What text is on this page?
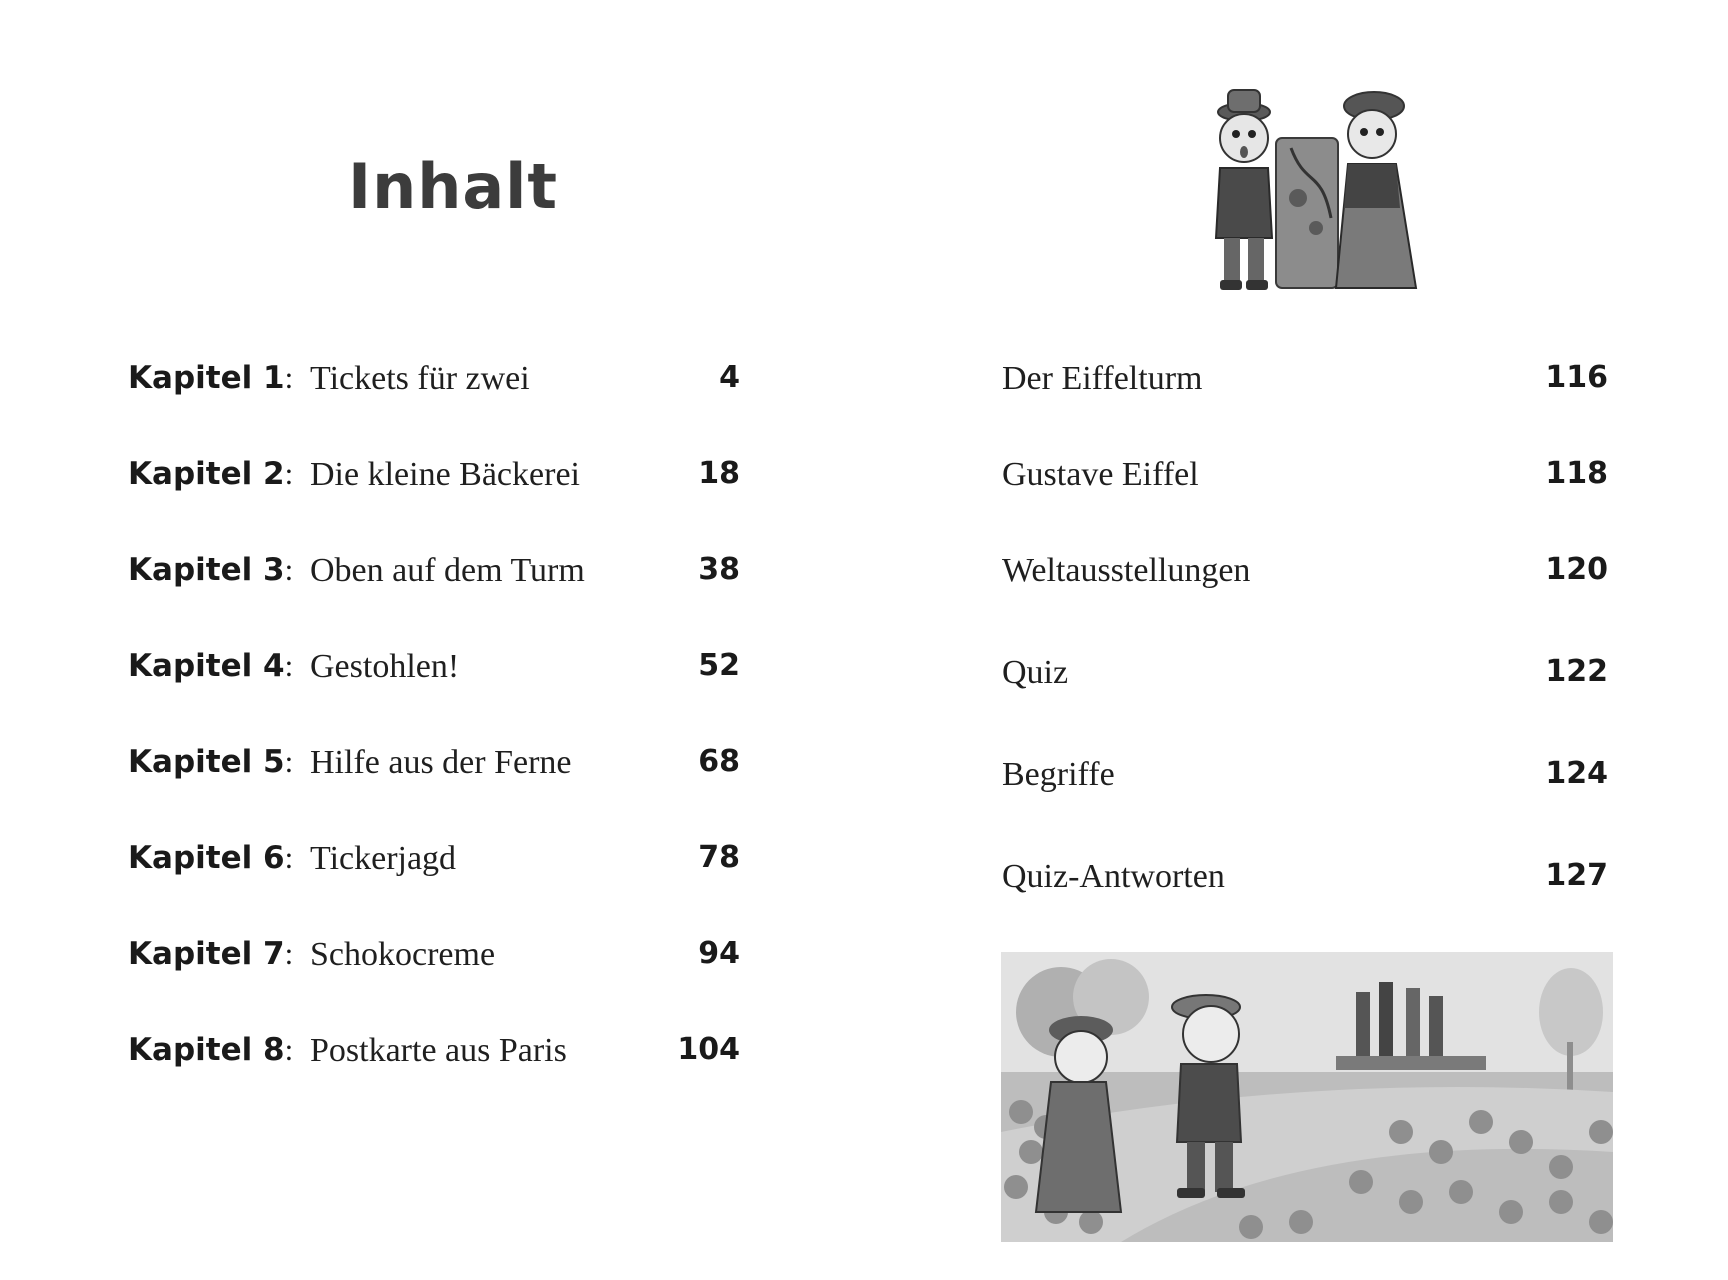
Inhalt
Kapitel 1: Tickets für zwei	4
Kapitel 2: Die kleine Bäckerei	18
Kapitel 3: Oben auf dem Turm	38
Kapitel 4: Gestohlen!	52
Kapitel 5: Hilfe aus der Ferne	68
Kapitel 6: Tickerjagd	78
Kapitel 7: Schokocreme	94
Kapitel 8: Postkarte aus Paris	104
Der Eiffelturm	116
Gustave Eiffel	118
Weltausstellungen	120
Quiz	122
Begriffe	124
Quiz-Antworten	127
